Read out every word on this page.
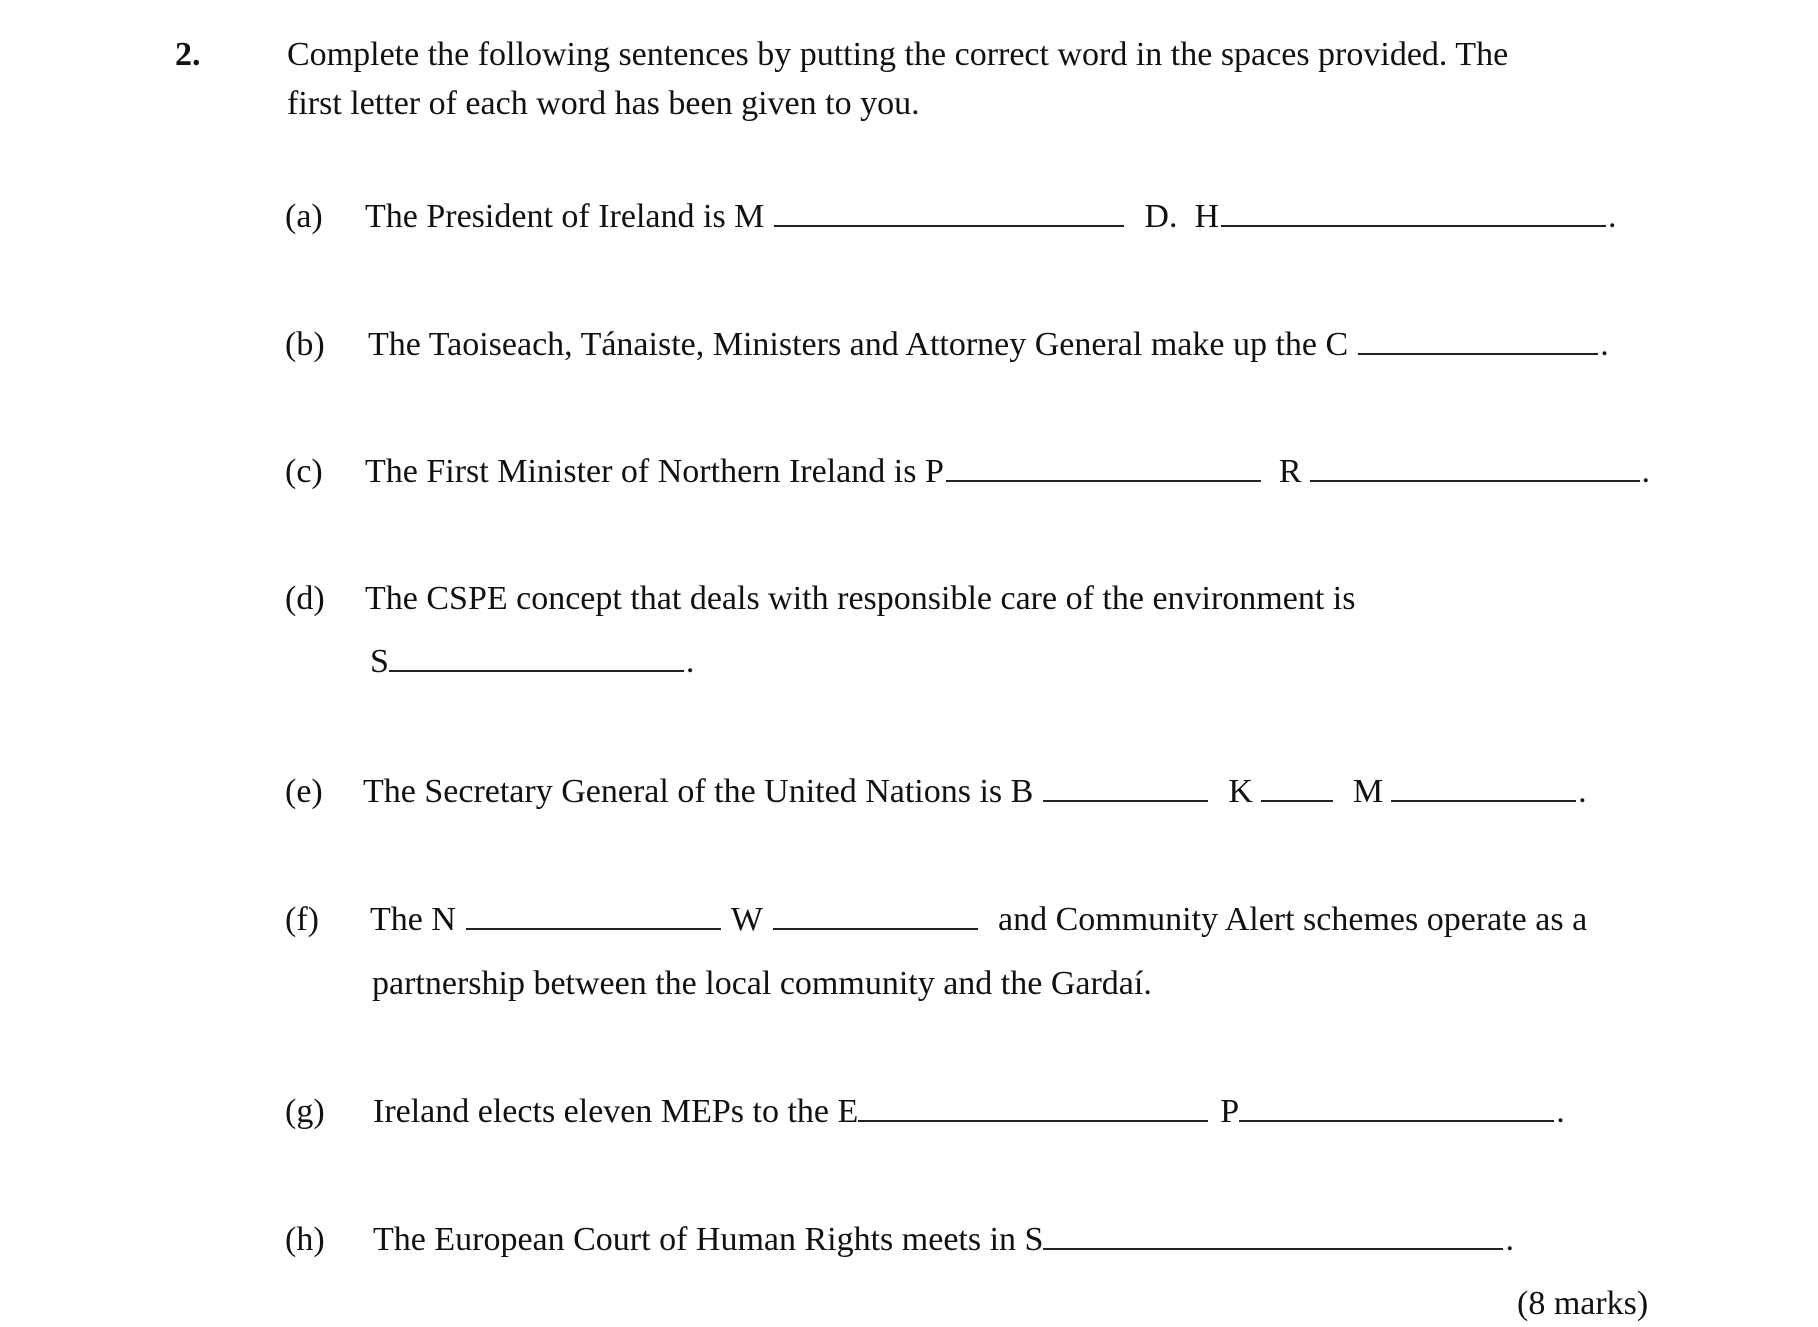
2.	Complete the following sentences by putting the correct word in the spaces provided. The
first letter of each word has been given to you.
(a)	The President of Ireland is M	D.  H	.
(b)	The Taoiseach, Tánaiste, Ministers and Attorney General make up the C	.
(c)	The First Minister of Northern Ireland is P	R	.
(d)	The CSPE concept that deals with responsible care of the environment is
S	.
(e)	The Secretary General of the United Nations is B	K	M	.
(f)	The N	W	and Community Alert schemes operate as a
partnership between the local community and the Gardaí.
(g)	Ireland elects eleven MEPs to the E	P	.
(h)	The European Court of Human Rights meets in S	.
(8 marks)
